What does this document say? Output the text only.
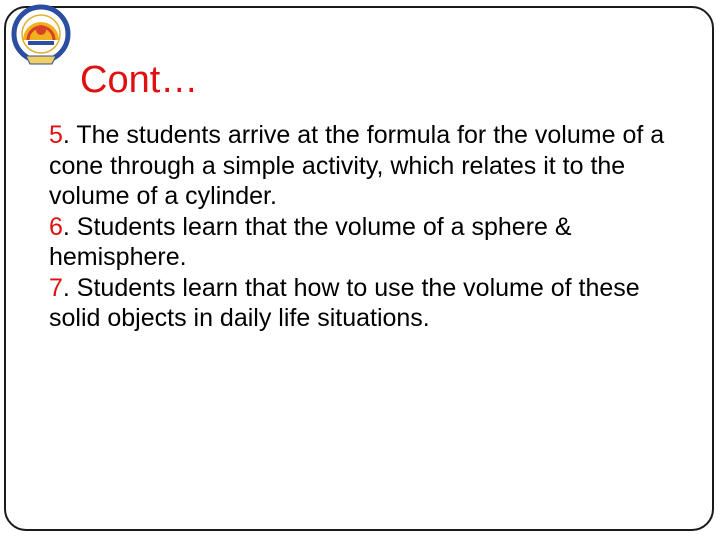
Cont…

5. The students arrive at the formula for the volume of a cone through a simple activity, which relates it to the volume of a cylinder.

6. Students learn that the volume of a sphere & hemisphere.

7. Students learn that how to use the volume of these solid objects in daily life situations.
